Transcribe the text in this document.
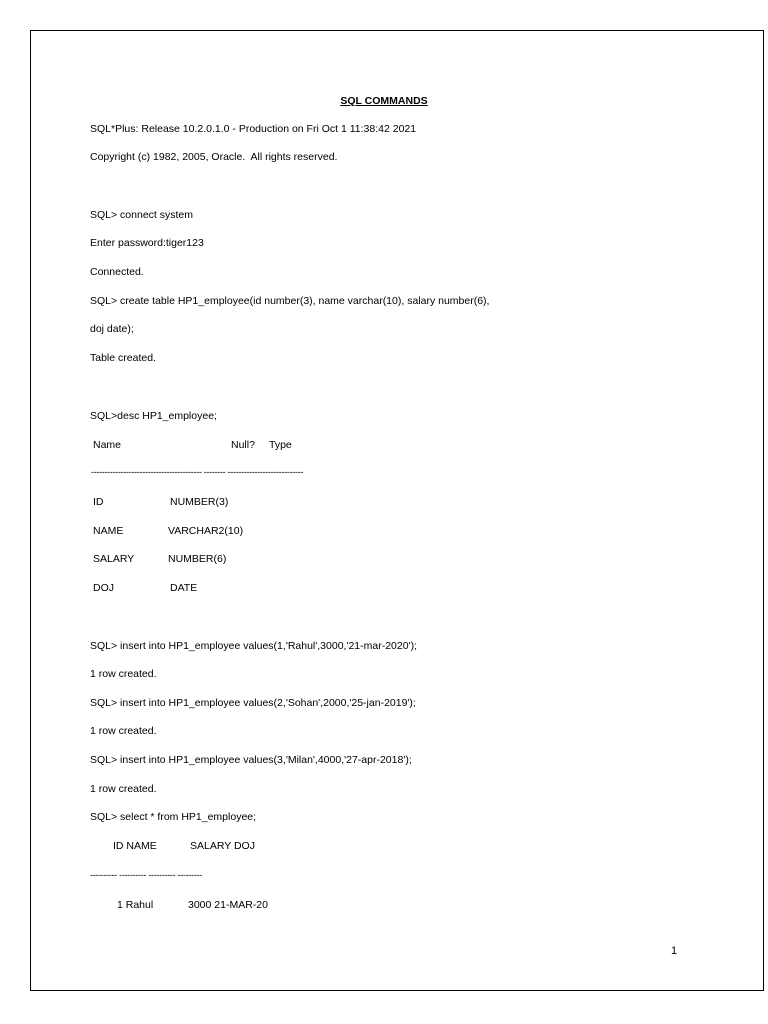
SQL COMMANDS
SQL*Plus: Release 10.2.0.1.0 - Production on Fri Oct 1 11:38:42 2021
Copyright (c) 1982, 2005, Oracle.  All rights reserved.
SQL> connect system
Enter password:tiger123
Connected.
SQL> create table HP1_employee(id number(3), name varchar(10), salary number(6),
doj date);
Table created.
SQL>desc HP1_employee;
Name	Null? Type
----------------------------------------- -------- ----------------------------
ID	NUMBER(3)
NAME	VARCHAR2(10)
SALARY	NUMBER(6)
DOJ	DATE
SQL> insert into HP1_employee values(1,'Rahul',3000,'21-mar-2020');
1 row created.
SQL> insert into HP1_employee values(2,'Sohan',2000,'25-jan-2019');
1 row created.
SQL> insert into HP1_employee values(3,'Milan',4000,'27-apr-2018');
1 row created.
SQL> select * from HP1_employee;
ID NAME	SALARY DOJ
---------- ---------- ---------- ---------
1 Rahul	3000 21-MAR-20
1
